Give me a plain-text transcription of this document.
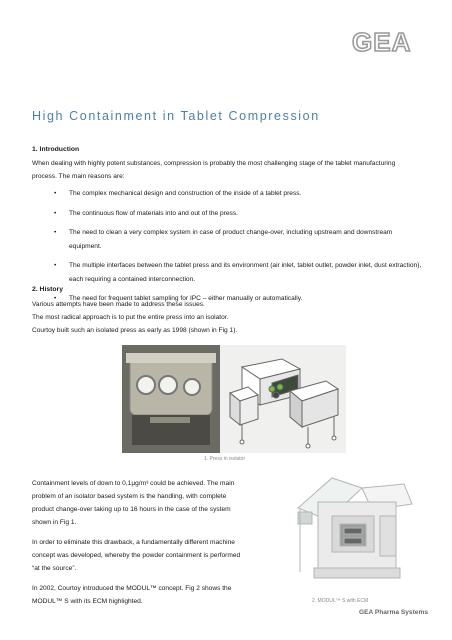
GEA
High Containment in Tablet Compression
1. Introduction
When dealing with highly potent substances, compression is probably the most challenging stage of the tablet manufacturing
process. The main reasons are:
• The complex mechanical design and construction of the inside of a tablet press.
• The continuous flow of materials into and out of the press.
• The need to clean a very complex system in case of product change-over, including upstream and downstream equipment.
• The multiple interfaces between the tablet press and its environment (air inlet, tablet outlet, powder inlet, dust extraction), each requiring a contained interconnection.
• The need for frequent tablet sampling for IPC – either manually or automatically.
2. History
Various attempts have been made to address these issues.
The most radical approach is to put the entire press into an isolator.
Courtoy built such an isolated press as early as 1998 (shown in Fig 1).
1. Press in isolator
Containment levels of down to 0,1µg/m³ could be achieved. The main
problem of an isolator based system is the handling, with complete
product change-over taking up to 16 hours in the case of the system
shown in Fig 1.
In order to eliminate this drawback, a fundamentally different machine
concept was developed, whereby the powder containment is performed
“at the source”.
In 2002, Courtoy introduced the MODUL™ concept. Fig 2 shows the
MODUL™ S with its ECM highlighted.	2. MODUL™ S with ECM
GEA Pharma Systems
